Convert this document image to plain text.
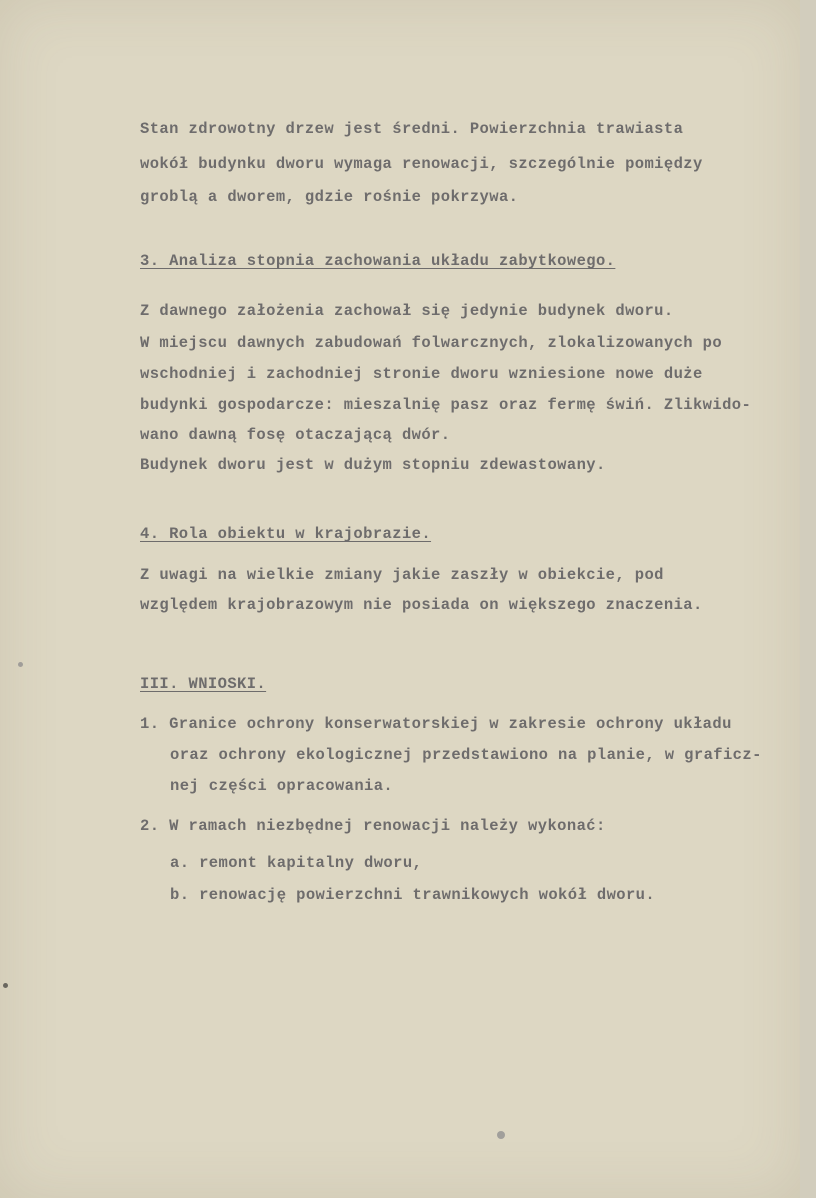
Stan zdrowotny drzew jest średni. Powierzchnia trawiasta
wokół budynku dworu wymaga renowacji, szczególnie pomiędzy
groblą a dworem, gdzie rośnie pokrzywa.
3. Analiza stopnia zachowania układu zabytkowego.
Z dawnego założenia zachował się jedynie budynek dworu.
W miejscu dawnych zabudowań folwarcznych, zlokalizowanych po
wschodniej i zachodniej stronie dworu wzniesione nowe duże
budynki gospodarcze: mieszalnię pasz oraz fermę świń. Zlikwido-
wano dawną fosę otaczającą dwór.
Budynek dworu jest w dużym stopniu zdewastowany.
4. Rola obiektu w krajobrazie.
Z uwagi na wielkie zmiany jakie zaszły w obiekcie, pod
względem krajobrazowym nie posiada on większego znaczenia.
III. WNIOSKI.
1. Granice ochrony konserwatorskiej w zakresie ochrony układu
oraz ochrony ekologicznej przedstawiono na planie, w graficz-
nej części opracowania.
2. W ramach niezbędnej renowacji należy wykonać:
a. remont kapitalny dworu,
b. renowację powierzchni trawnikowych wokół dworu.
